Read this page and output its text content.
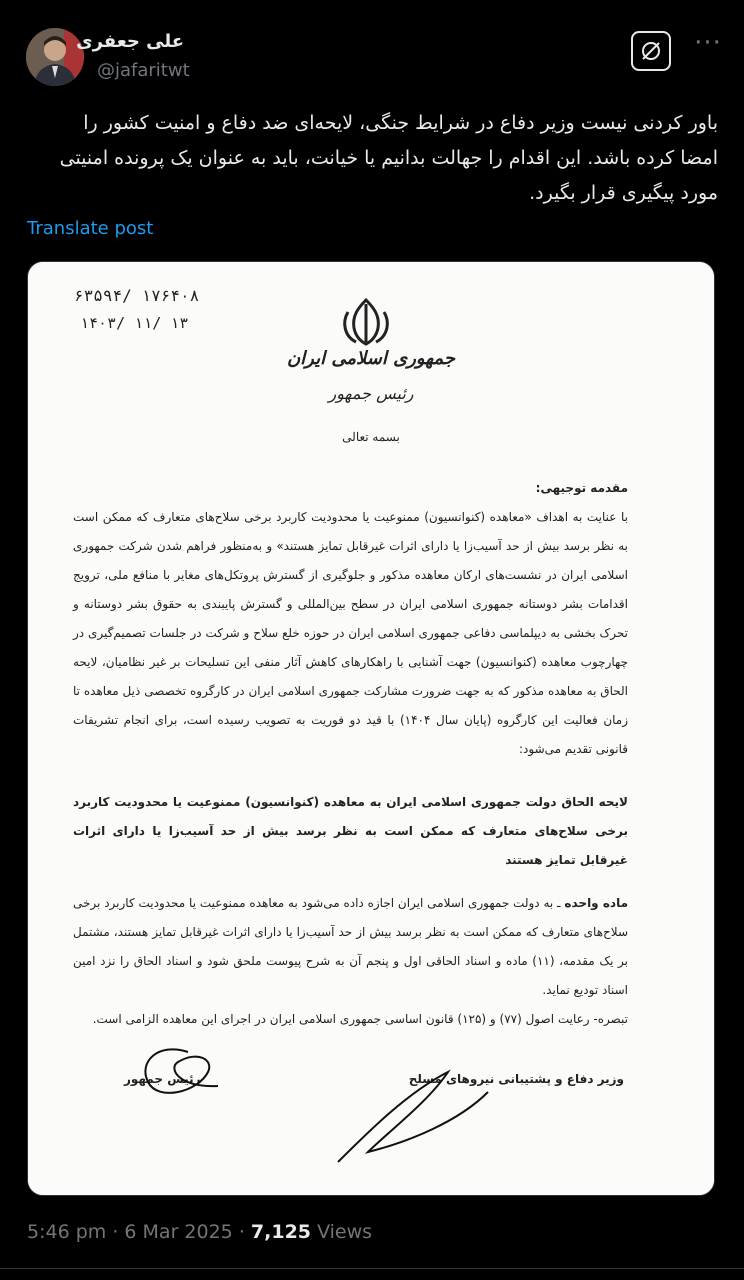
علی جعفری
@jafaritwt
···

باور کردنی نیست وزیر دفاع در شرایط جنگی، لایحه‌ای ضد دفاع و امنیت کشور را

امضا کرده باشد. این اقدام را جهالت بدانیم یا خیانت، باید به عنوان یک پرونده امنیتی

مورد پیگیری قرار بگیرد.

Translate post
۶۳۵۹۴/ ۱۷۶۴۰۸
۱۴۰۳/ ۱۱/ ۱۳
جمهوری اسلامی ایران
رئیس جمهور
بسمه تعالی

مقدمه توجیهی:

با عنایت به اهداف «معاهده (کنوانسیون) ممنوعیت یا محدودیت کاربرد برخی سلاح‌های متعارف که ممکن است به نظر برسد بیش از حد آسیب‌زا یا دارای اثرات غیرقابل تمایز هستند» و به‌منظور فراهم شدن شرکت جمهوری اسلامی ایران در نشست‌های ارکان معاهده مذکور و جلوگیری از گسترش پروتکل‌های مغایر با منافع ملی، ترویج اقدامات بشر دوستانه جمهوری اسلامی ایران در سطح بین‌المللی و گسترش پایبندی به حقوق بشر دوستانه و تحرک بخشی به دیپلماسی دفاعی جمهوری اسلامی ایران در حوزه خلع سلاح و شرکت در جلسات تصمیم‌گیری در چهارچوب معاهده (کنوانسیون) جهت آشنایی با راهکارهای کاهش آثار منفی این تسلیحات بر غیر نظامیان، لایحه الحاق به معاهده مذکور که به جهت ضرورت مشارکت جمهوری اسلامی ایران در کارگروه تخصصی ذیل معاهده تا زمان فعالیت این کارگروه (پایان سال ۱۴۰۴) با قید دو فوریت به تصویب رسیده است، برای انجام تشریفات قانونی تقدیم می‌شود:

لایحه الحاق دولت جمهوری اسلامی ایران به معاهده (کنوانسیون) ممنوعیت یا محدودیت کاربرد برخی سلاح‌های متعارف که ممکن است به نظر برسد بیش از حد آسیب‌زا یا دارای اثرات غیرقابل تمایز هستند

ماده واحده ـ به دولت جمهوری اسلامی ایران اجازه داده می‌شود به معاهده ممنوعیت یا محدودیت کاربرد برخی سلاح‌های متعارف که ممکن است به نظر برسد بیش از حد آسیب‌زا یا دارای اثرات غیرقابل تمایز هستند، مشتمل بر یک مقدمه، (۱۱) ماده و اسناد الحاقی اول و پنجم آن به شرح پیوست ملحق شود و اسناد الحاق را نزد امین اسناد تودیع نماید.

تبصره- رعایت اصول (۷۷) و (۱۲۵) قانون اساسی جمهوری اسلامی ایران در اجرای این معاهده الزامی است.

رئیس جمهور	وزیر دفاع و پشتیبانی نیروهای مسلح
5:46 pm · 6 Mar 2025 · 7,125 Views
